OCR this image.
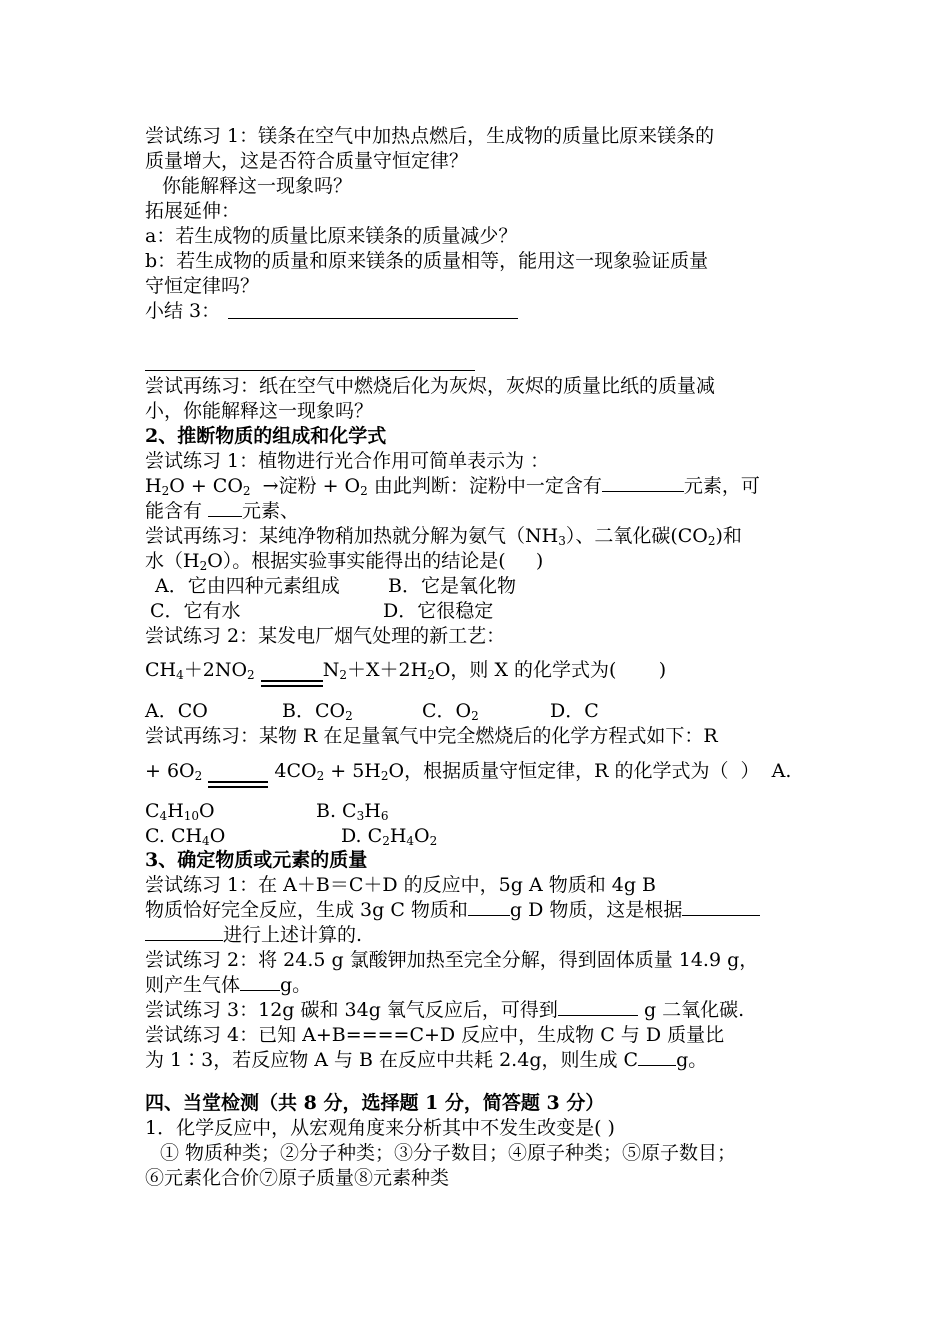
尝试练习 1：镁条在空气中加热点燃后，生成物的质量比原来镁条的
质量增大，这是否符合质量守恒定律？
你能解释这一现象吗？
拓展延伸：
a：若生成物的质量比原来镁条的质量减少？
b：若生成物的质量和原来镁条的质量相等，能用这一现象验证质量
守恒定律吗？
小结 3：
尝试再练习：纸在空气中燃烧后化为灰烬，灰烬的质量比纸的质量减
小，你能解释这一现象吗？
2、推断物质的组成和化学式
尝试练习 1：植物进行光合作用可简单表示为 ：
$H_2O + CO_2$  →淀粉 + $O_2$ 由此判断：淀粉中一定含有	元素，可
能含有 元素、
尝试再练习：某纯净物稍加热就分解为氨气$(NH_3)$、二氧化碳$(CO_2)$和
水$(H_2O)$。根据实验事实能得出的结论是(     )
A．它由四种元素组成	B．它是氧化物
C．它有水	D．它很稳定
尝试练习 2：某发电厂烟气处理的新工艺：
$CH_4+2NO_2$	$N_2+X+2H_2O$，则 X 的化学式为(       )
A．CO	B．$CO_2$	C．$O_2$	D．C
尝试再练习：某物 R 在足量氧气中完全燃烧后的化学方程式如下：R
+ $6O_2$	$4CO_2 + 5H_2O$，根据质量守恒定律，R 的化学式为（  ）  A.
$C_4H_{10}O$	B. $C_3H_6$
C. $CH_4O$	D. $C_2H_4O_2$
3、确定物质或元素的质量
尝试练习 1：在 A＋B＝C＋D 的反应中，5g A 物质和 4g B
物质恰好完全反应，生成 3g C 物质和 g D 物质，这是根据
进行上述计算的.
尝试练习 2：将 24.5 g 氯酸钾加热至完全分解，得到固体质量 14.9 g，
则产生气体 g。
尝试练习 3：12g 碳和 34g 氧气反应后，可得到	g 二氧化碳.
尝试练习 4：已知 A+B====C+D 反应中，生成物 C 与 D 质量比
为 1∶3，若反应物 A 与 B 在反应中共耗 2.4g，则生成 C g。
四、当堂检测（共 8 分，选择题 1 分，简答题 3 分）
1．化学反应中，从宏观角度来分析其中不发生改变是( )
① 物质种类；②分子种类；③分子数目；④原子种类；⑤原子数目；
⑥元素化合价⑦原子质量⑧元素种类
